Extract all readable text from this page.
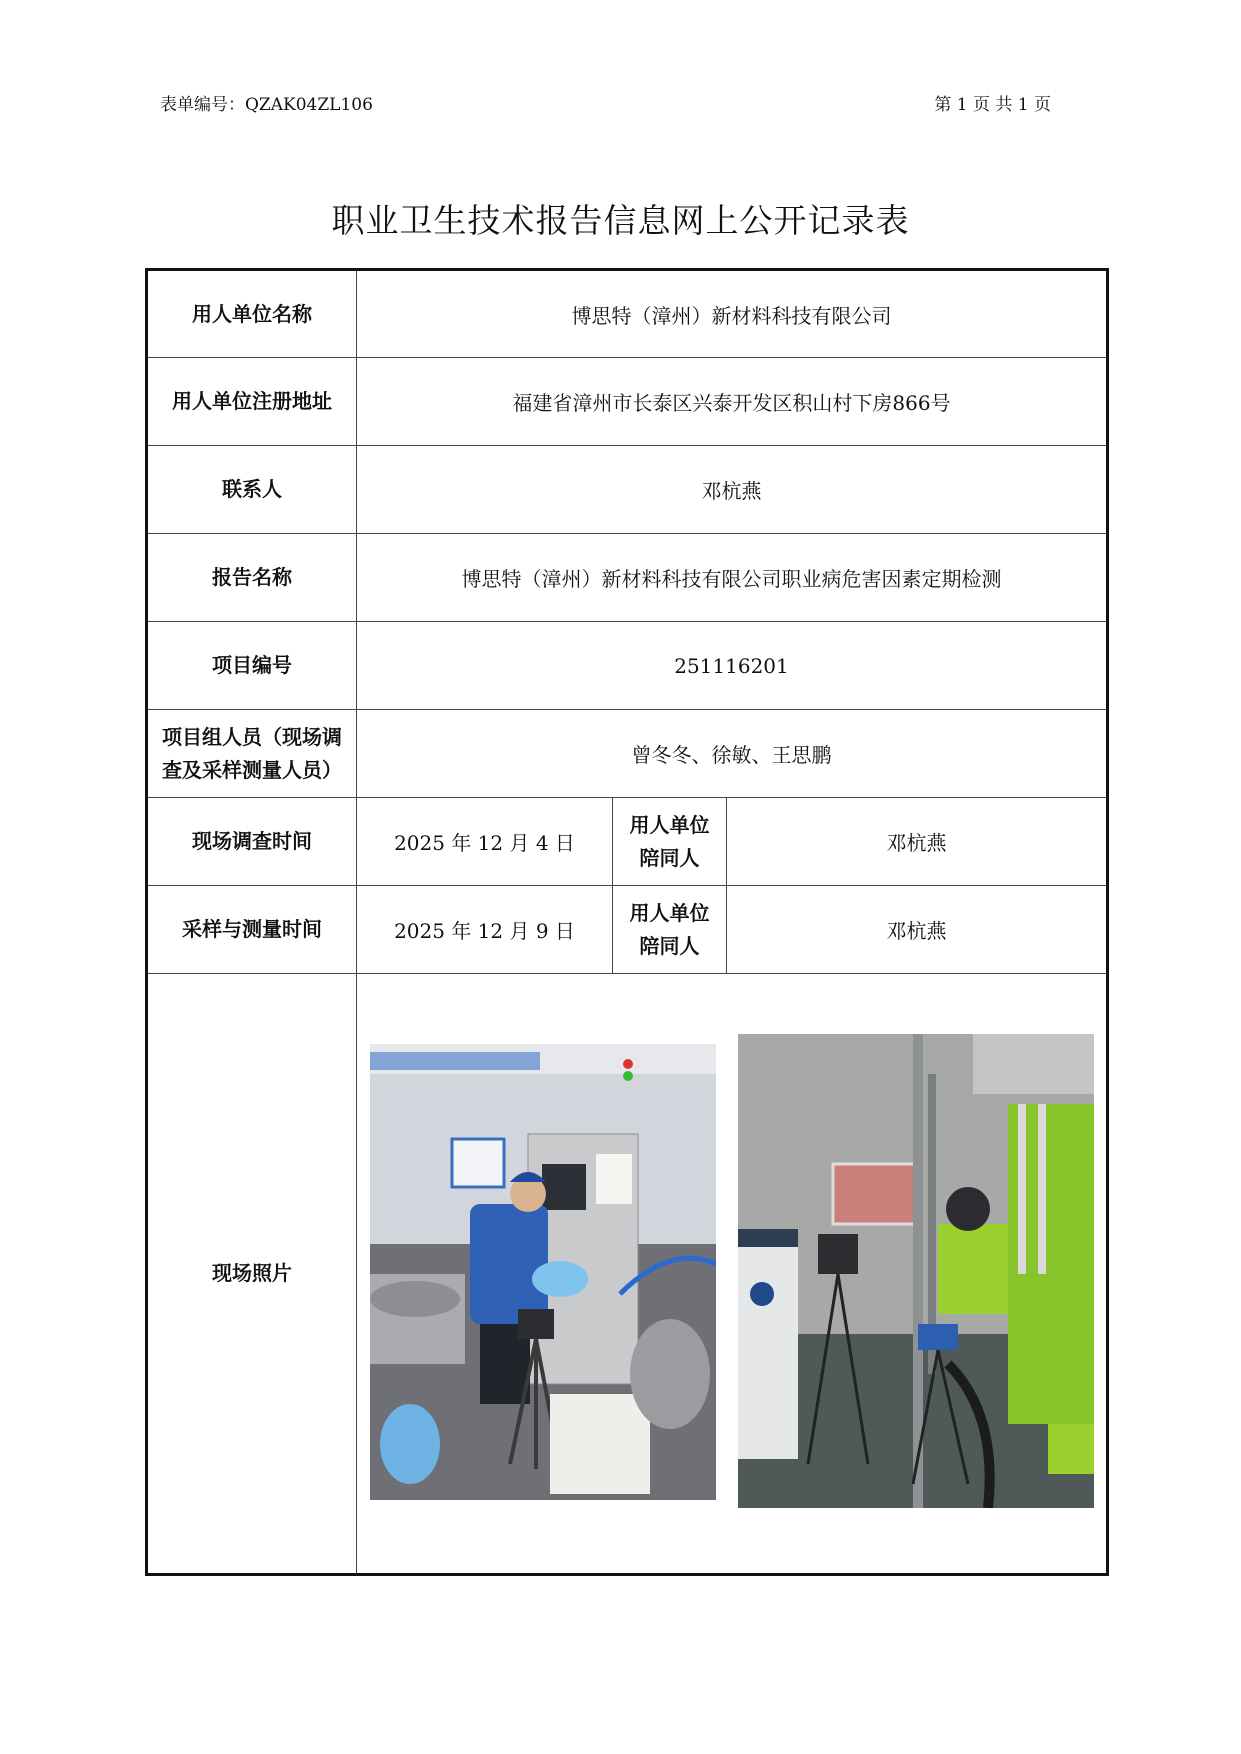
表单编号：QZAK04ZL106	第 1 页 共 1 页
职业卫生技术报告信息网上公开记录表
用人单位名称	博思特（漳州）新材料科技有限公司		
用人单位注册地址	福建省漳州市长泰区兴泰开发区积山村下房866号		
联系人	邓杭燕		
报告名称	博思特（漳州）新材料科技有限公司职业病危害因素定期检测		
项目编号	251116201		
项目组人员（现场调查及采样测量人员）	曾冬冬、徐敏、王思鹏		
现场调查时间	2025 年 12 月 4 日	用人单位陪同人	邓杭燕
采样与测量时间	2025 年 12 月 9 日	用人单位陪同人	邓杭燕
现场照片	
